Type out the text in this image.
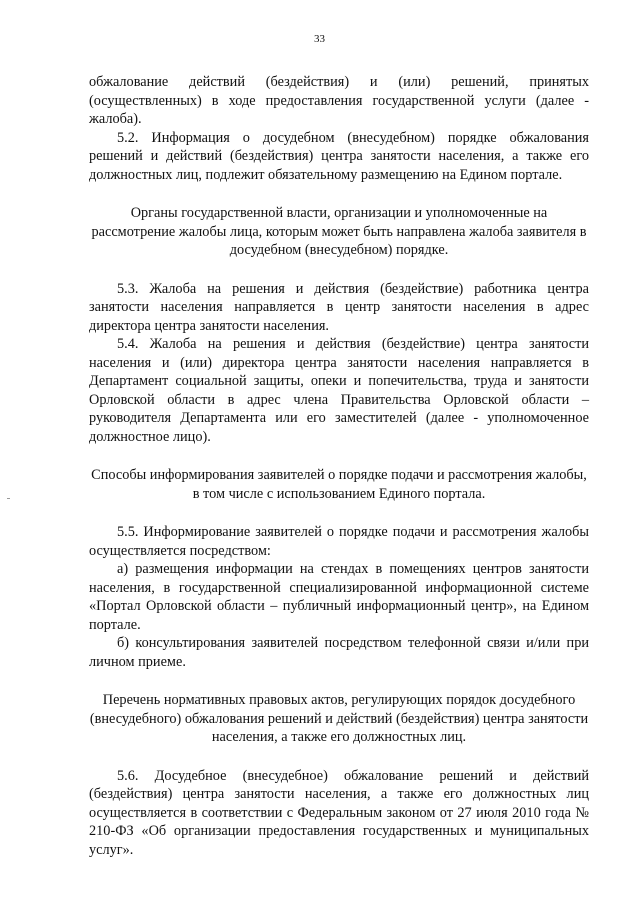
33

обжалование действий (бездействия) и (или) решений, принятых (осуществленных) в ходе предоставления государственной услуги (далее - жалоба).

5.2. Информация о досудебном (внесудебном) порядке обжалования решений и действий (бездействия) центра занятости населения, а также его должностных лиц, подлежит обязательному размещению на Едином портале.

Органы государственной власти, организации и уполномоченные на рассмотрение жалобы лица, которым может быть направлена жалоба заявителя в досудебном (внесудебном) порядке.

5.3. Жалоба на решения и действия (бездействие) работника центра занятости населения направляется в центр занятости населения в адрес директора центра занятости населения.

5.4. Жалоба на решения и действия (бездействие) центра занятости населения и (или) директора центра занятости населения направляется в Департамент социальной защиты, опеки и попечительства, труда и занятости Орловской области в адрес члена Правительства Орловской области – руководителя Департамента или его заместителей (далее - уполномоченное должностное лицо).

Способы информирования заявителей о порядке подачи и рассмотрения жалобы, в том числе с использованием Единого портала.

5.5. Информирование заявителей о порядке подачи и рассмотрения жалобы осуществляется посредством:

а) размещения информации на стендах в помещениях центров занятости населения, в государственной специализированной информационной системе «Портал Орловской области – публичный информационный центр», на Едином портале.

б) консультирования заявителей посредством телефонной связи и/или при личном приеме.

Перечень нормативных правовых актов, регулирующих порядок досудебного (внесудебного) обжалования решений и действий (бездействия) центра занятости населения, а также его должностных лиц.

5.6. Досудебное (внесудебное) обжалование решений и действий (бездействия) центра занятости населения, а также его должностных лиц осуществляется в соответствии с Федеральным законом от 27 июля 2010 года № 210-ФЗ «Об организации предоставления государственных и муниципальных услуг».
